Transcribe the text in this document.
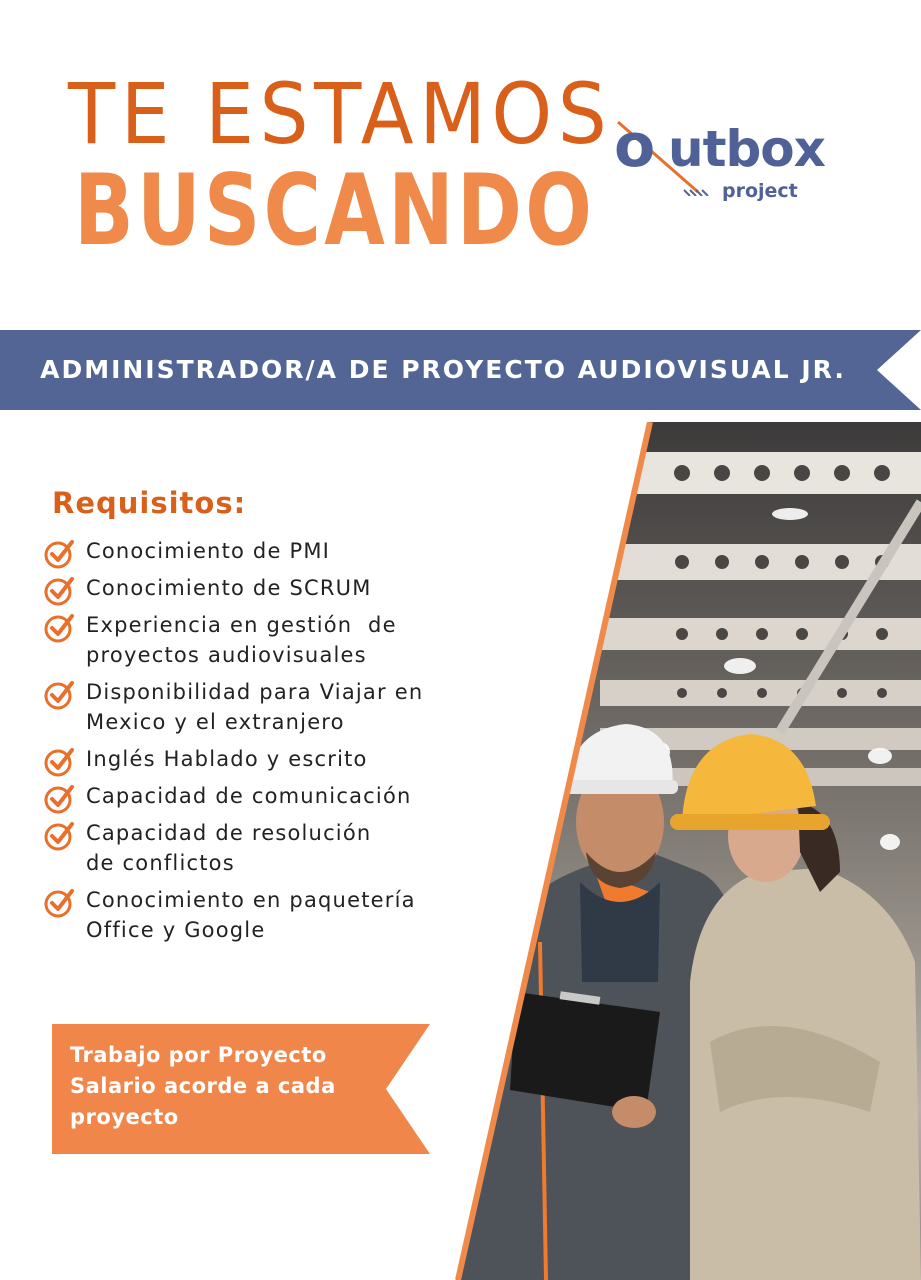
TE ESTAMOS
BUSCANDO
o utbox
project
ADMINISTRADOR/A DE PROYECTO AUDIOVISUAL JR.
Requisitos:
Conocimiento de PMI
Conocimiento de SCRUM
Experiencia en gestión  de
proyectos audiovisuales
Disponibilidad para Viajar en
Mexico y el extranjero
Inglés Hablado y escrito
Capacidad de comunicación
Capacidad de resolución
de conflictos
Conocimiento en paquetería
Office y Google
Trabajo por Proyecto
Salario acorde a cada
proyecto
